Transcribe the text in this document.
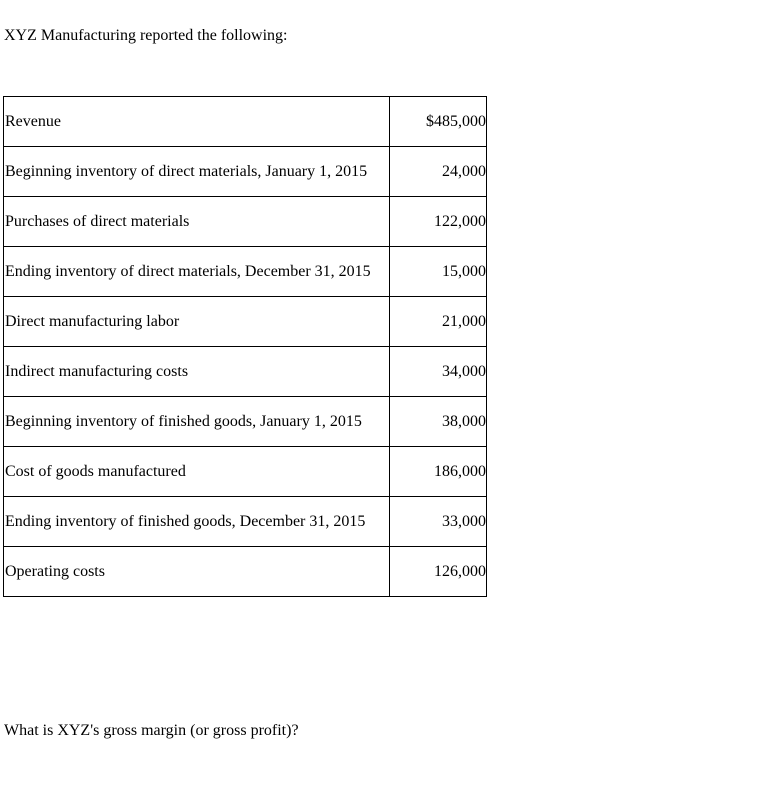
XYZ Manufacturing reported the following:
Revenue	$485,000
Beginning inventory of direct materials, January 1, 2015	24,000
Purchases of direct materials	122,000
Ending inventory of direct materials, December 31, 2015	15,000
Direct manufacturing labor	21,000
Indirect manufacturing costs	34,000
Beginning inventory of finished goods, January 1, 2015	38,000
Cost of goods manufactured	186,000
Ending inventory of finished goods, December 31, 2015	33,000
Operating costs	126,000
What is XYZ's gross margin (or gross profit)?
